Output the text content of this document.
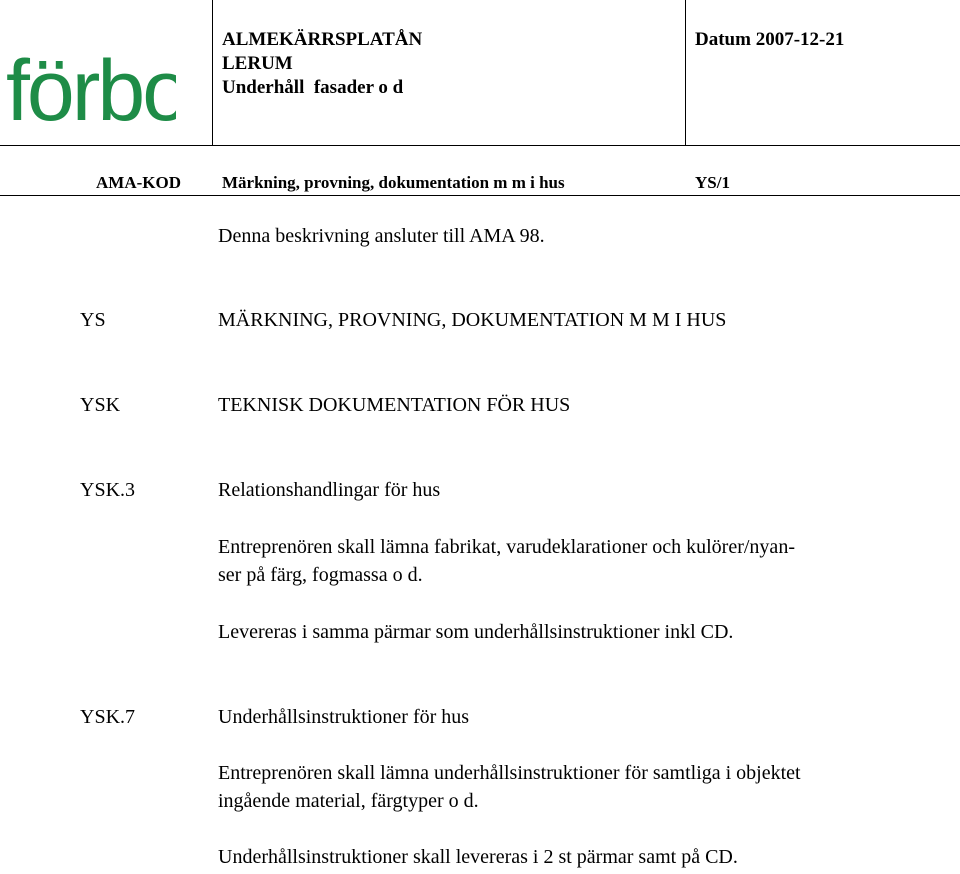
förbo
ALMEKÄRRSPLATÅN
LERUM
Underhåll  fasader o d
Datum 2007-12-21
AMA-KOD Märkning, provning, dokumentation m m i hus	YS/1
Denna beskrivning ansluter till AMA 98.
YS	MÄRKNING, PROVNING, DOKUMENTATION M M I HUS
YSK	TEKNISK DOKUMENTATION FÖR HUS
YSK.3	Relationshandlingar för hus
Entreprenören skall lämna fabrikat, varudeklarationer och kulörer/nyan-
ser på färg, fogmassa o d.
Levereras i samma pärmar som underhållsinstruktioner inkl CD.
YSK.7	Underhållsinstruktioner för hus
Entreprenören skall lämna underhållsinstruktioner för samtliga i objektet
ingående material, färgtyper o d.
Underhållsinstruktioner skall levereras i 2 st pärmar samt på CD.
